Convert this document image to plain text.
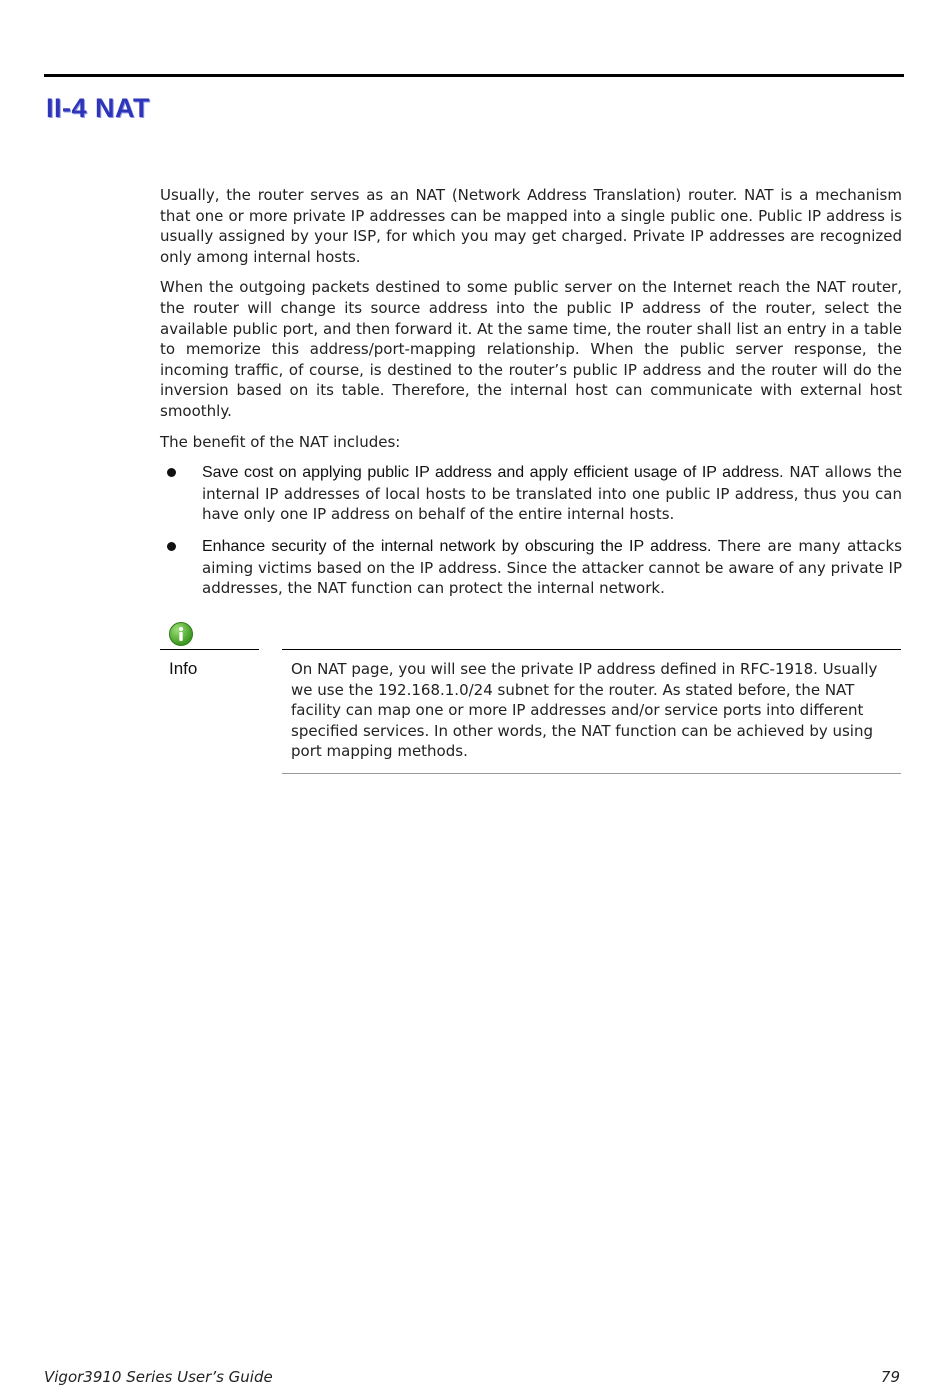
II-4 NAT

Usually, the router serves as an NAT (Network Address Translation) router. NAT is a mechanism that one or more private IP addresses can be mapped into a single public one. Public IP address is usually assigned by your ISP, for which you may get charged. Private IP addresses are recognized only among internal hosts.

When the outgoing packets destined to some public server on the Internet reach the NAT router, the router will change its source address into the public IP address of the router, select the available public port, and then forward it. At the same time, the router shall list an entry in a table to memorize this address/port-mapping relationship. When the public server response, the incoming traffic, of course, is destined to the router’s public IP address and the router will do the inversion based on its table. Therefore, the internal host can communicate with external host smoothly.

The benefit of the NAT includes:

Save cost on applying public IP address and apply efficient usage of IP address. NAT allows the internal IP addresses of local hosts to be translated into one public IP address, thus you can have only one IP address on behalf of the entire internal hosts.
Enhance security of the internal network by obscuring the IP address. There are many attacks aiming victims based on the IP address. Since the attacker cannot be aware of any private IP addresses, the NAT function can protect the internal network.
Info	On NAT page, you will see the private IP address defined in RFC-1918. Usually we use the 192.168.1.0/24 subnet for the router. As stated before, the NAT facility can map one or more IP addresses and/or service ports into different specified services. In other words, the NAT function can be achieved by using port mapping methods.

Vigor3910 Series User’s Guide	79
